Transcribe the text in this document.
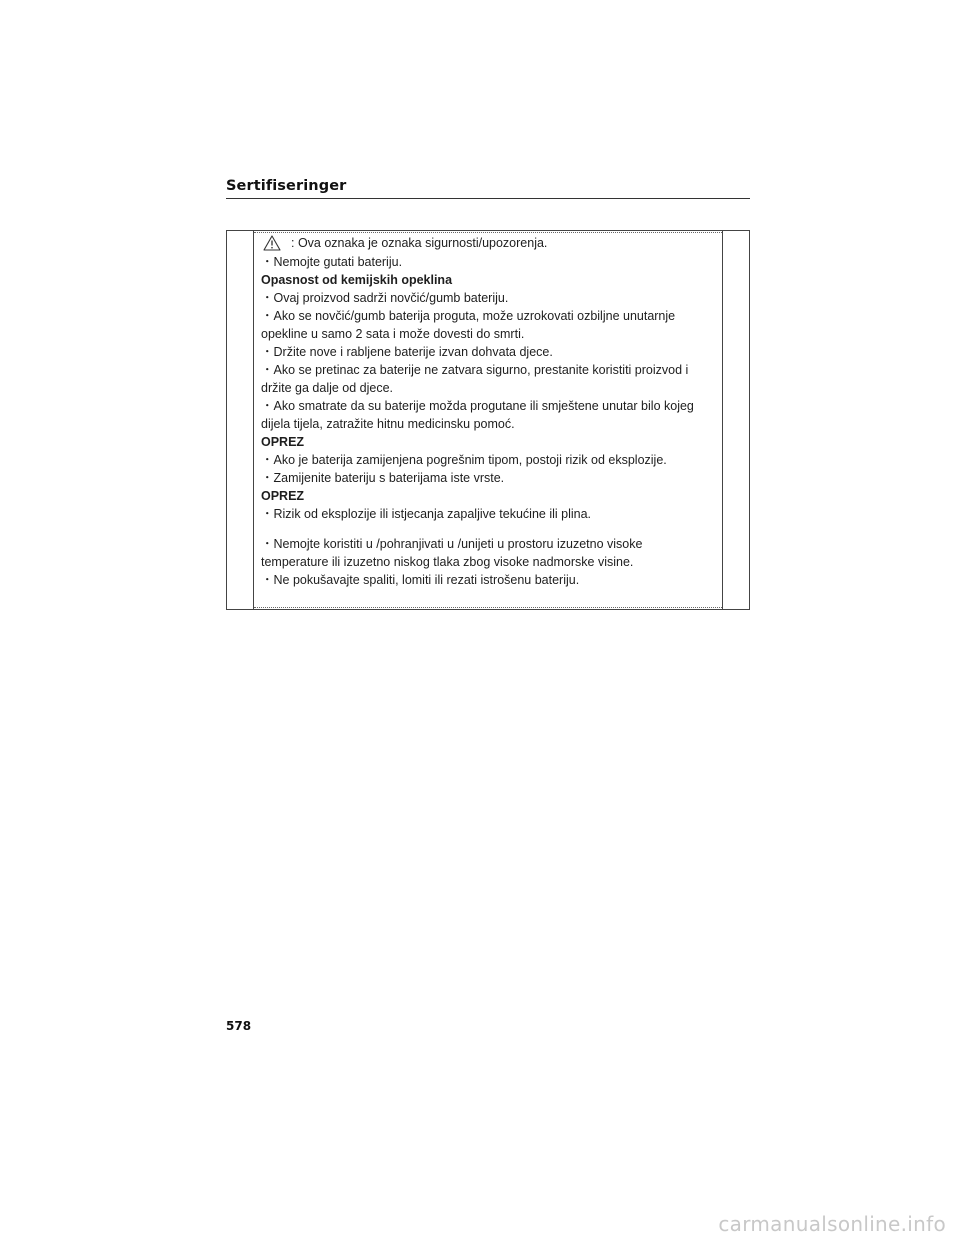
Sertifiseringer
: Ova oznaka je oznaka sigurnosti/upozorenja.
・Nemojte gutati bateriju.
Opasnost od kemijskih opeklina
・Ovaj proizvod sadrži novčić/gumb bateriju.
・Ako se novčić/gumb baterija proguta, može uzrokovati ozbiljne unutarnje
opekline u samo 2 sata i može dovesti do smrti.
・Držite nove i rabljene baterije izvan dohvata djece.
・Ako se pretinac za baterije ne zatvara sigurno, prestanite koristiti proizvod i
držite ga dalje od djece.
・Ako smatrate da su baterije možda progutane ili smještene unutar bilo kojeg
dijela tijela, zatražite hitnu medicinsku pomoć.
OPREZ
・Ako je baterija zamijenjena pogrešnim tipom, postoji rizik od eksplozije.
・Zamijenite bateriju s baterijama iste vrste.
OPREZ
・Rizik od eksplozije ili istjecanja zapaljive tekućine ili plina.
・Nemojte koristiti u /pohranjivati u /unijeti u prostoru izuzetno visoke
temperature ili izuzetno niskog tlaka zbog visoke nadmorske visine.
・Ne pokušavajte spaliti, lomiti ili rezati istrošenu bateriju.
578
carmanualsonline.info
